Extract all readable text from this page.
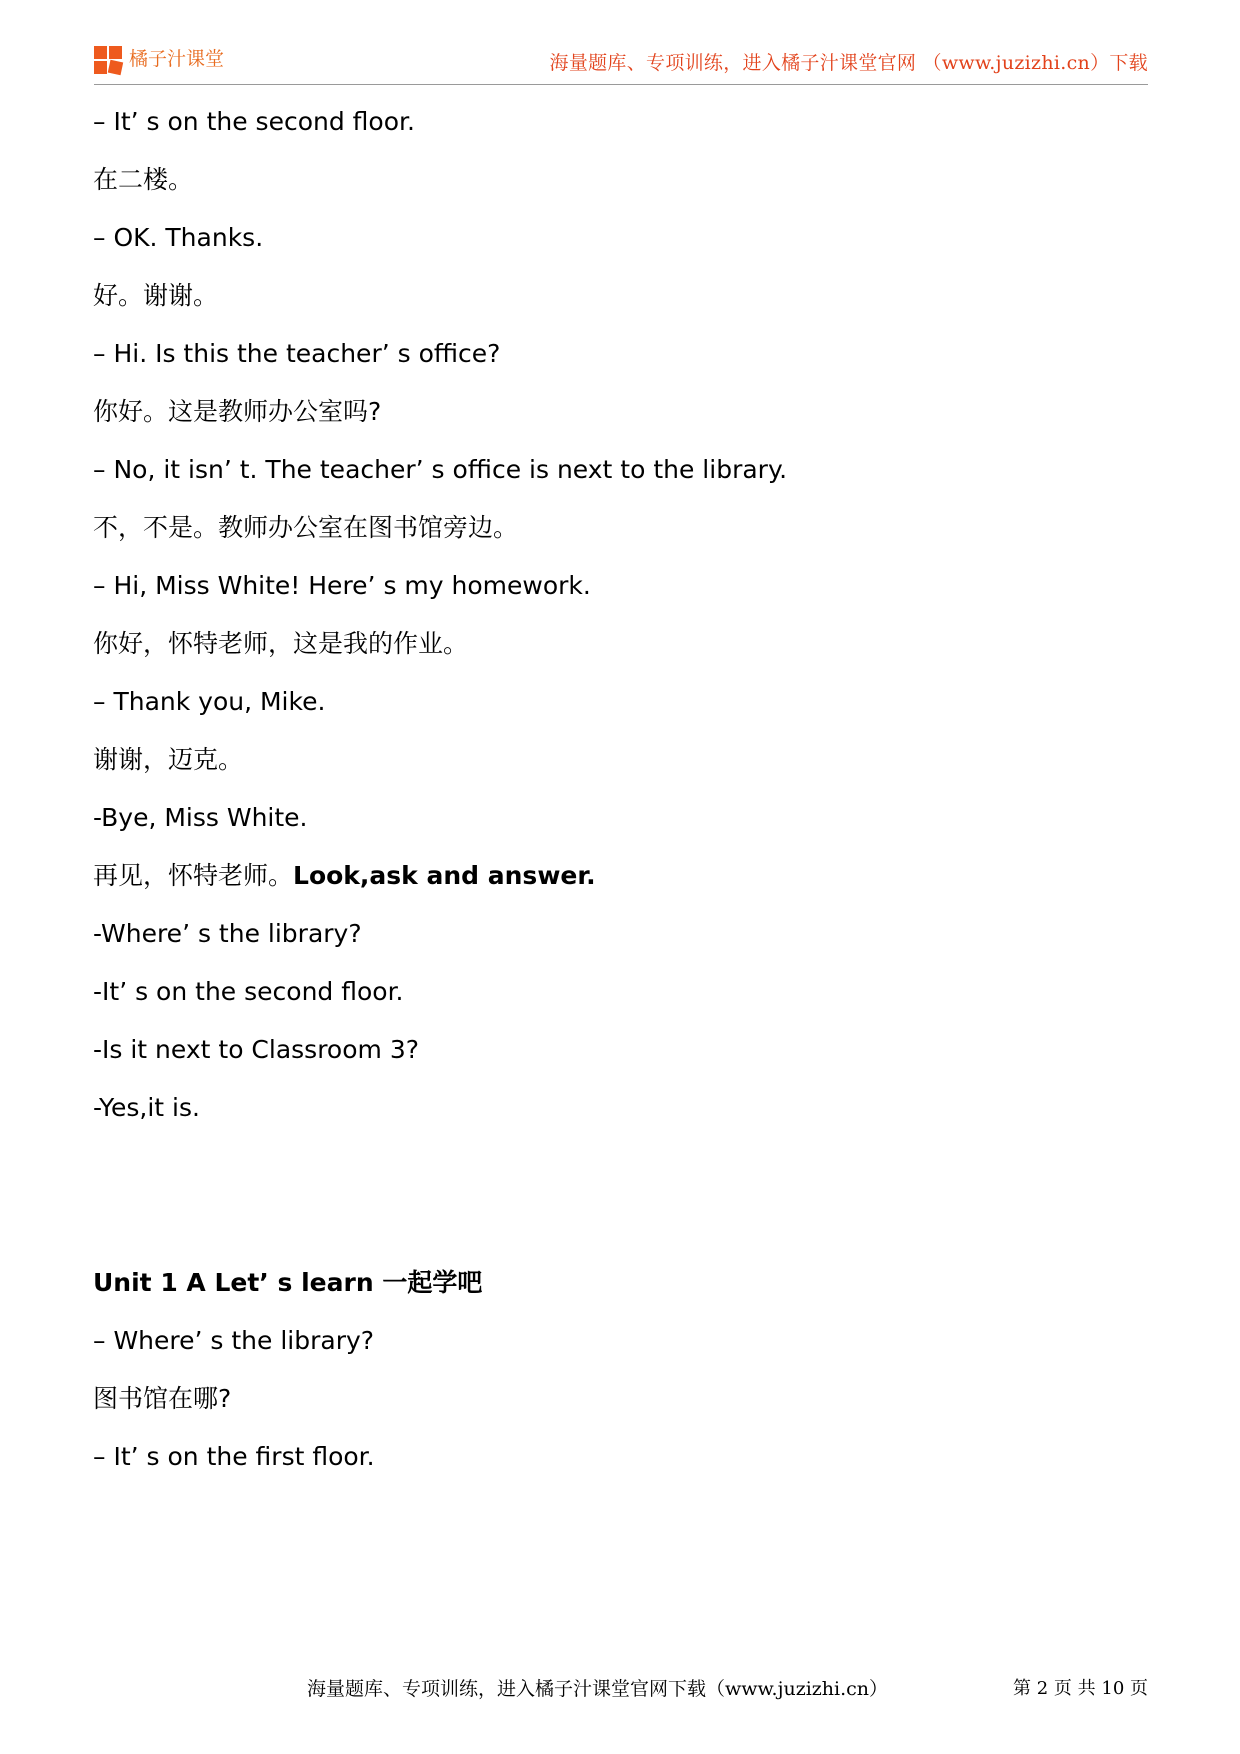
橘子汁课堂	海量题库、专项训练，进入橘子汁课堂官网 （www.juzizhi.cn）下载
– It’ s on the second floor.
在二楼。
– OK. Thanks.
好。谢谢。
– Hi. Is this the teacher’ s office?
你好。这是教师办公室吗?
– No, it isn’ t. The teacher’ s office is next to the library.
不，不是。教师办公室在图书馆旁边。
– Hi, Miss White! Here’ s my homework.
你好，怀特老师，这是我的作业。
– Thank you, Mike.
谢谢，迈克。
-Bye, Miss White.
再见，怀特老师。Look,ask and answer.
-Where’ s the library?
-It’ s on the second floor.
-Is it next to Classroom 3?
-Yes,it is.
Unit 1 A Let’ s learn 一起学吧
– Where’ s the library?
图书馆在哪?
– It’ s on the first floor.
海量题库、专项训练，进入橘子汁课堂官网下载（www.juzizhi.cn）	第 2 页 共 10 页
